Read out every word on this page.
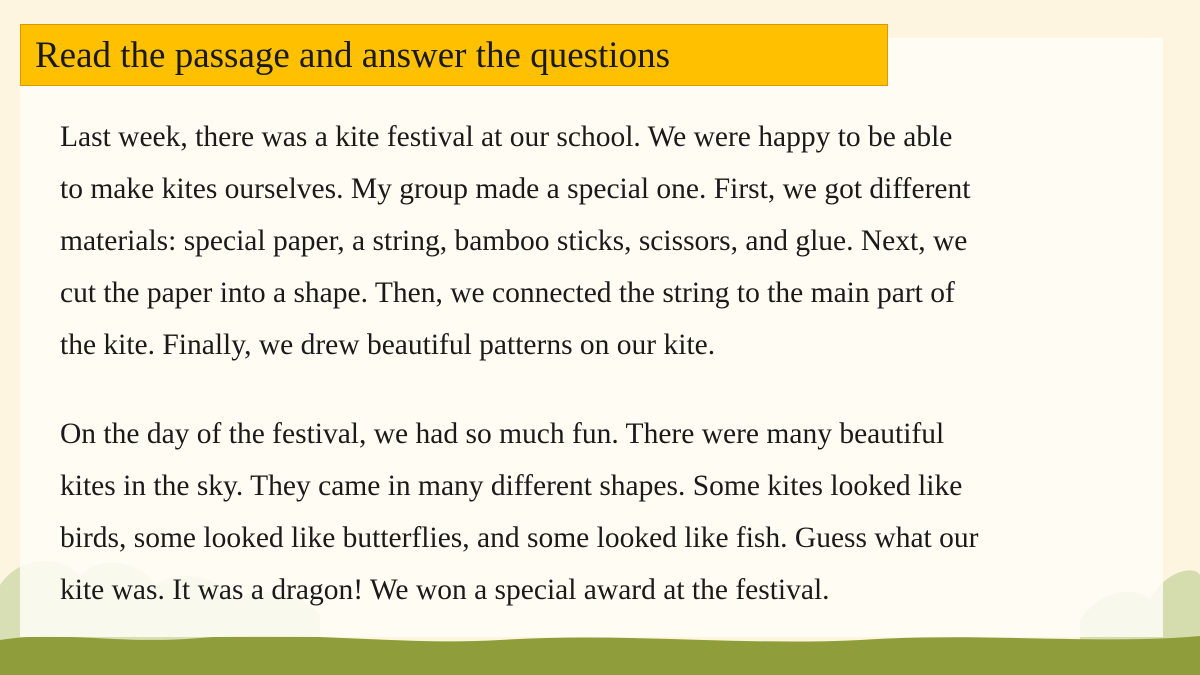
Read the passage and answer the questions

Last week, there was a kite festival at our school. We were happy to be able
to make kites ourselves. My group made a special one. First, we got different
materials: special paper, a string, bamboo sticks, scissors, and glue. Next, we
cut the paper into a shape. Then, we connected the string to the main part of
the kite. Finally, we drew beautiful patterns on our kite.

On the day of the festival, we had so much fun. There were many beautiful
kites in the sky. They came in many different shapes. Some kites looked like
birds, some looked like butterflies, and some looked like fish. Guess what our
kite was. It was a dragon! We won a special award at the festival.
